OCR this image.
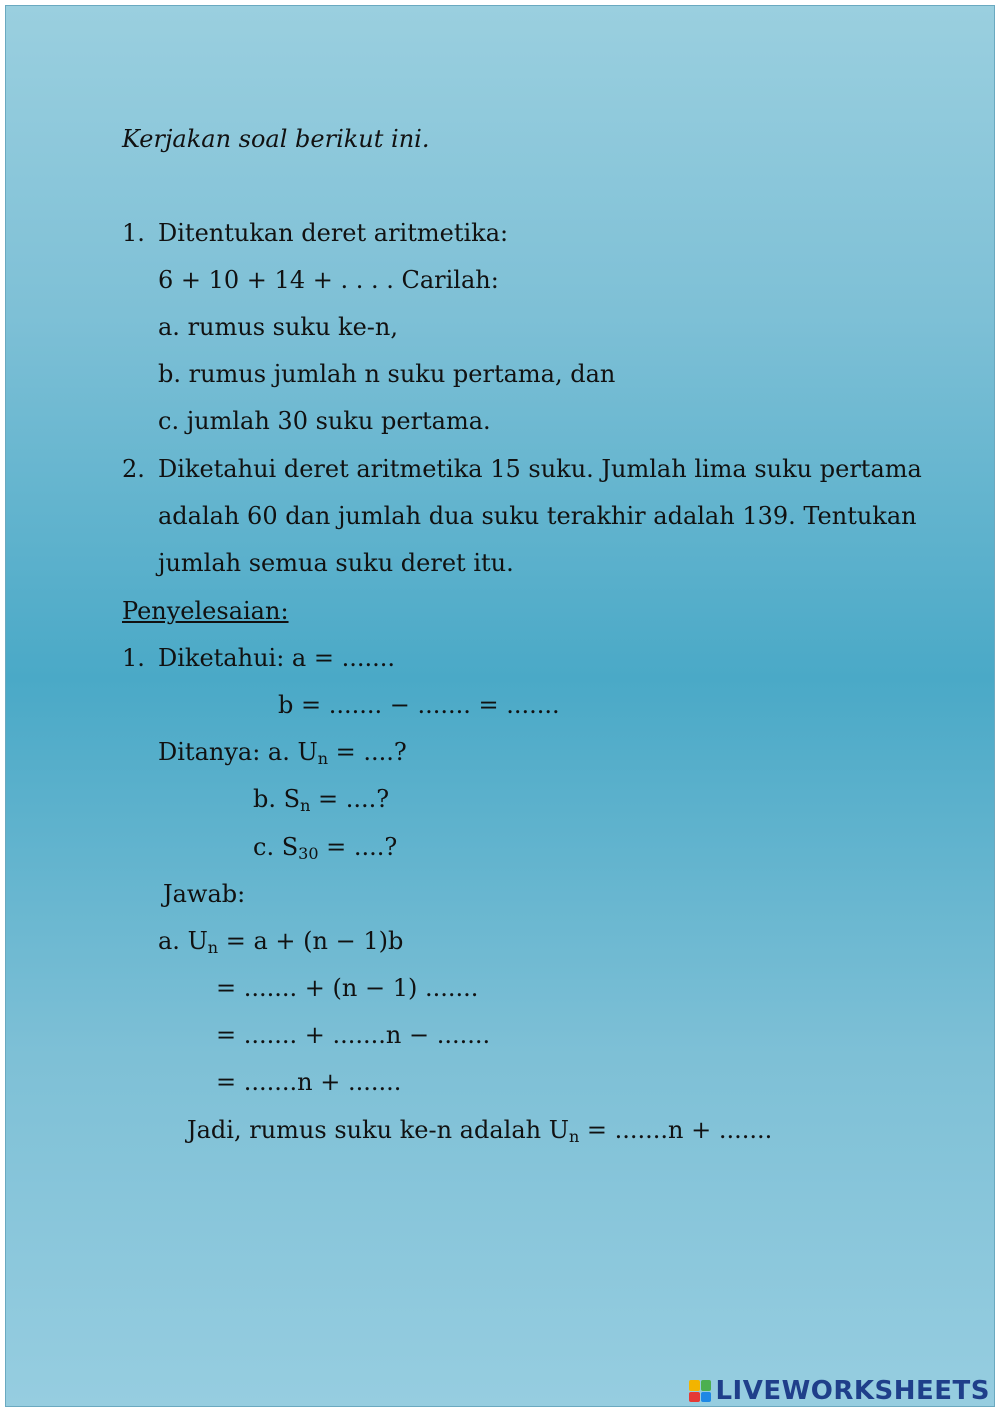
Kerjakan soal berikut ini.
1. Ditentukan deret aritmetika:
6 + 10 + 14 + . . . . Carilah:
a. rumus suku ke-n,
b. rumus jumlah n suku pertama, dan
c. jumlah 30 suku pertama.
2. Diketahui deret aritmetika 15 suku. Jumlah lima suku pertama
adalah 60 dan jumlah dua suku terakhir adalah 139. Tentukan
jumlah semua suku deret itu.
Penyelesaian:
1. Diketahui: a = .......
b = ....... − ....... = .......
Ditanya: a. $U_n$ = ....?
b. $S_n$ = ....?
c. $S_{30}$ = ....?
Jawab:
a. $U_n = a + (n - 1)b$
= ....... + (n − 1) .......
= ....... + .......n − .......
= .......n + .......
Jadi, rumus suku ke-n adalah $U_n = .......n$ + .......
LIVEWORKSHEETS
